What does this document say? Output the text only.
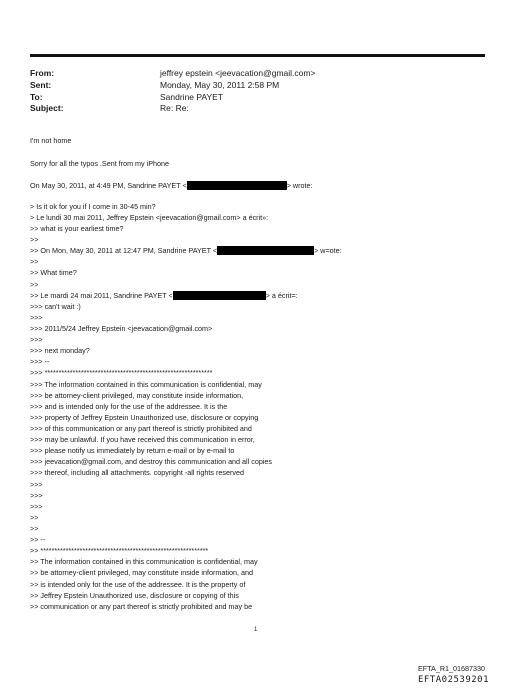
From:	jeffrey epstein <jeevacation@gmail.com>
Sent:	Monday, May 30, 2011 2:58 PM
To:	Sandrine PAYET
Subject:	Re: Re:
I'm not home
Sorry for all the typos .Sent from my iPhone
On May 30, 2011, at 4:49 PM, Sandrine PAYET <	> wrote:
> Is it ok for you if I come in 30-45 min?
> Le lundi 30 mai 2011, Jeffrey Epstein <jeevacation@gmail.com> a écrit»:
>> what is your earliest time?
>>
>> On Mon, May 30, 2011 at 12:47 PM, Sandrine PAYET <	> w=ote:
>>
>> What time?
>>
>> Le mardi 24 mai 2011, Sandrine PAYET <	> a écrit=:
>>> can't wait :)
>>>
>>> 2011/5/24 Jeffrey Epstein <jeevacation@gmail.com>
>>>
>>> next monday?
>>> --
>>> ************************************************************
>>> The information contained in this communication is confidential, may
>>> be attorney-client privileged, may constitute inside information,
>>> and is intended only for the use of the addressee. It is the
>>> property of Jeffrey Epstein Unauthorized use, disclosure or copying
>>> of this communication or any part thereof is strictly prohibited and
>>> may be unlawful. If you have received this communication in error,
>>> please notify us immediately by return e-mail or by e-mail to
>>> jeevacation@gmail.com, and destroy this communication and all copies
>>> thereof, including all attachments. copyright -all rights reserved
>>>
>>>
>>>
>>
>>
>> --
>> ************************************************************
>> The information contained in this communication is confidential, may
>> be attorney-client privileged, may constitute inside information, and
>> is intended only for the use of the addressee. It is the property of
>> Jeffrey Epstein Unauthorized use, disclosure or copying of this
>> communication or any part thereof is strictly prohibited and may be
1
EFTA_R1_01687330
EFTA02539201
